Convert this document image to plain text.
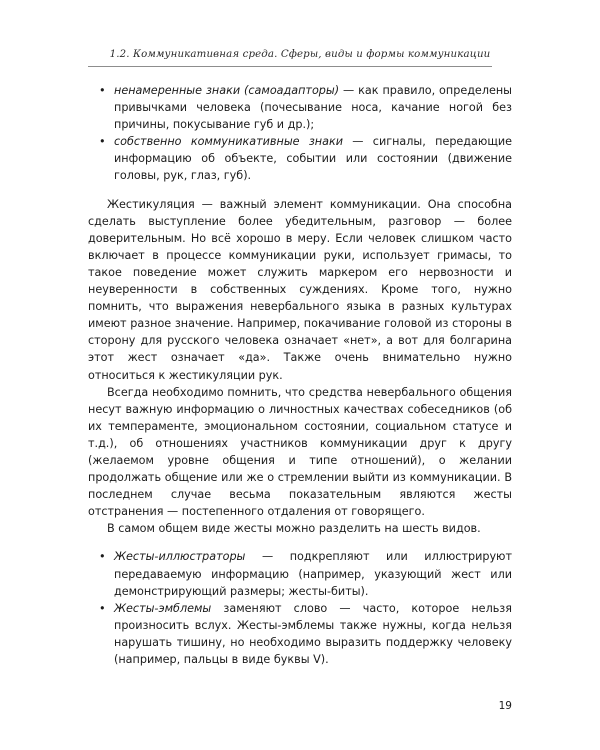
1.2. Коммуникативная среда. Сферы, виды и формы коммуникации
• ненамеренные знаки (самоадапторы) — как правило, определены привычками человека (почесывание носа, качание ногой без причины, покусывание губ и др.);
• собственно коммуникативные знаки — сигналы, передающие информацию об объекте, событии или состоянии (движение головы, рук, глаз, губ).

Жестикуляция — важный элемент коммуникации. Она способна сделать выступление более убедительным, разговор — более доверительным. Но всё хорошо в меру. Если человек слишком часто включает в процессе коммуникации руки, использует гримасы, то такое поведение может служить маркером его нервозности и неуверенности в собственных суждениях. Кроме того, нужно помнить, что выражения невербального языка в разных культурах имеют разное значение. Например, покачивание головой из стороны в сторону для русского человека означает «нет», а вот для болгарина этот жест означает «да». Также очень внимательно нужно относиться к жестикуляции рук.

Всегда необходимо помнить, что средства невербального общения несут важную информацию о личностных качествах собеседников (об их темпераменте, эмоциональном состоянии, социальном статусе и т.д.), об отношениях участников коммуникации друг к другу (желаемом уровне общения и типе отношений), о желании продолжать общение или же о стремлении выйти из коммуникации. В последнем случае весьма показательным являются жесты отстранения — постепенного отдаления от говорящего.

В самом общем виде жесты можно разделить на шесть видов.

• Жесты-иллюстраторы — подкрепляют или иллюстрируют передаваемую информацию (например, указующий жест или демонстрирующий размеры; жесты-биты).
• Жесты-эмблемы заменяют слово — часто, которое нельзя произносить вслух. Жесты-эмблемы также нужны, когда нельзя нарушать тишину, но необходимо выразить поддержку человеку (например, пальцы в виде буквы V).
19
